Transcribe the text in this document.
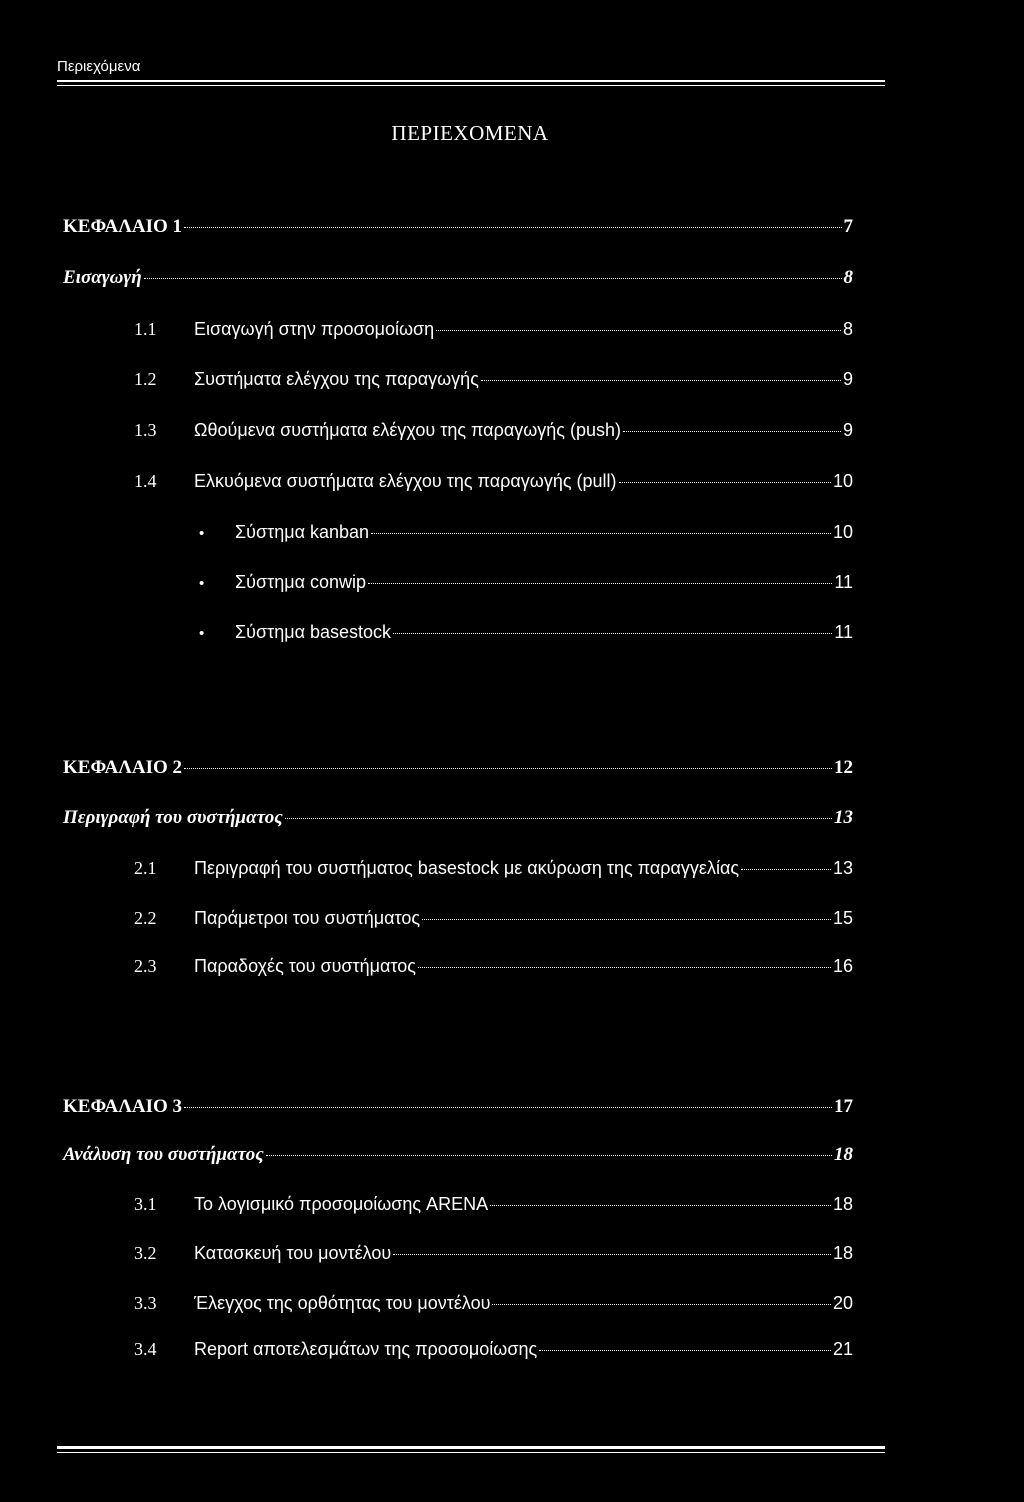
Περιεχόμενα
ΠΕΡΙΕΧΟΜΕΝΑ
ΚΕΦΑΛΑΙΟ 1	7
Εισαγωγή	8
1.1	Εισαγωγή στην προσομοίωση	8
1.2	Συστήματα ελέγχου της παραγωγής	9
1.3	Ωθούμενα συστήματα ελέγχου της παραγωγής (push)	9
1.4	Ελκυόμενα συστήματα ελέγχου της παραγωγής (pull)	10
•	Σύστημα kanban	10
•	Σύστημα conwip	11
•	Σύστημα basestock	11
ΚΕΦΑΛΑΙΟ 2	12
Περιγραφή του συστήματος	13
2.1	Περιγραφή του συστήματος basestock με ακύρωση της παραγγελίας	13
2.2	Παράμετροι του συστήματος	15
2.3	Παραδοχές του συστήματος	16
ΚΕΦΑΛΑΙΟ 3	17
Ανάλυση του συστήματος	18
3.1	Το λογισμικό προσομοίωσης ARENA	18
3.2	Κατασκευή του μοντέλου	18
3.3	Έλεγχος της ορθότητας του μοντέλου	20
3.4	Report αποτελεσμάτων της προσομοίωσης	21
